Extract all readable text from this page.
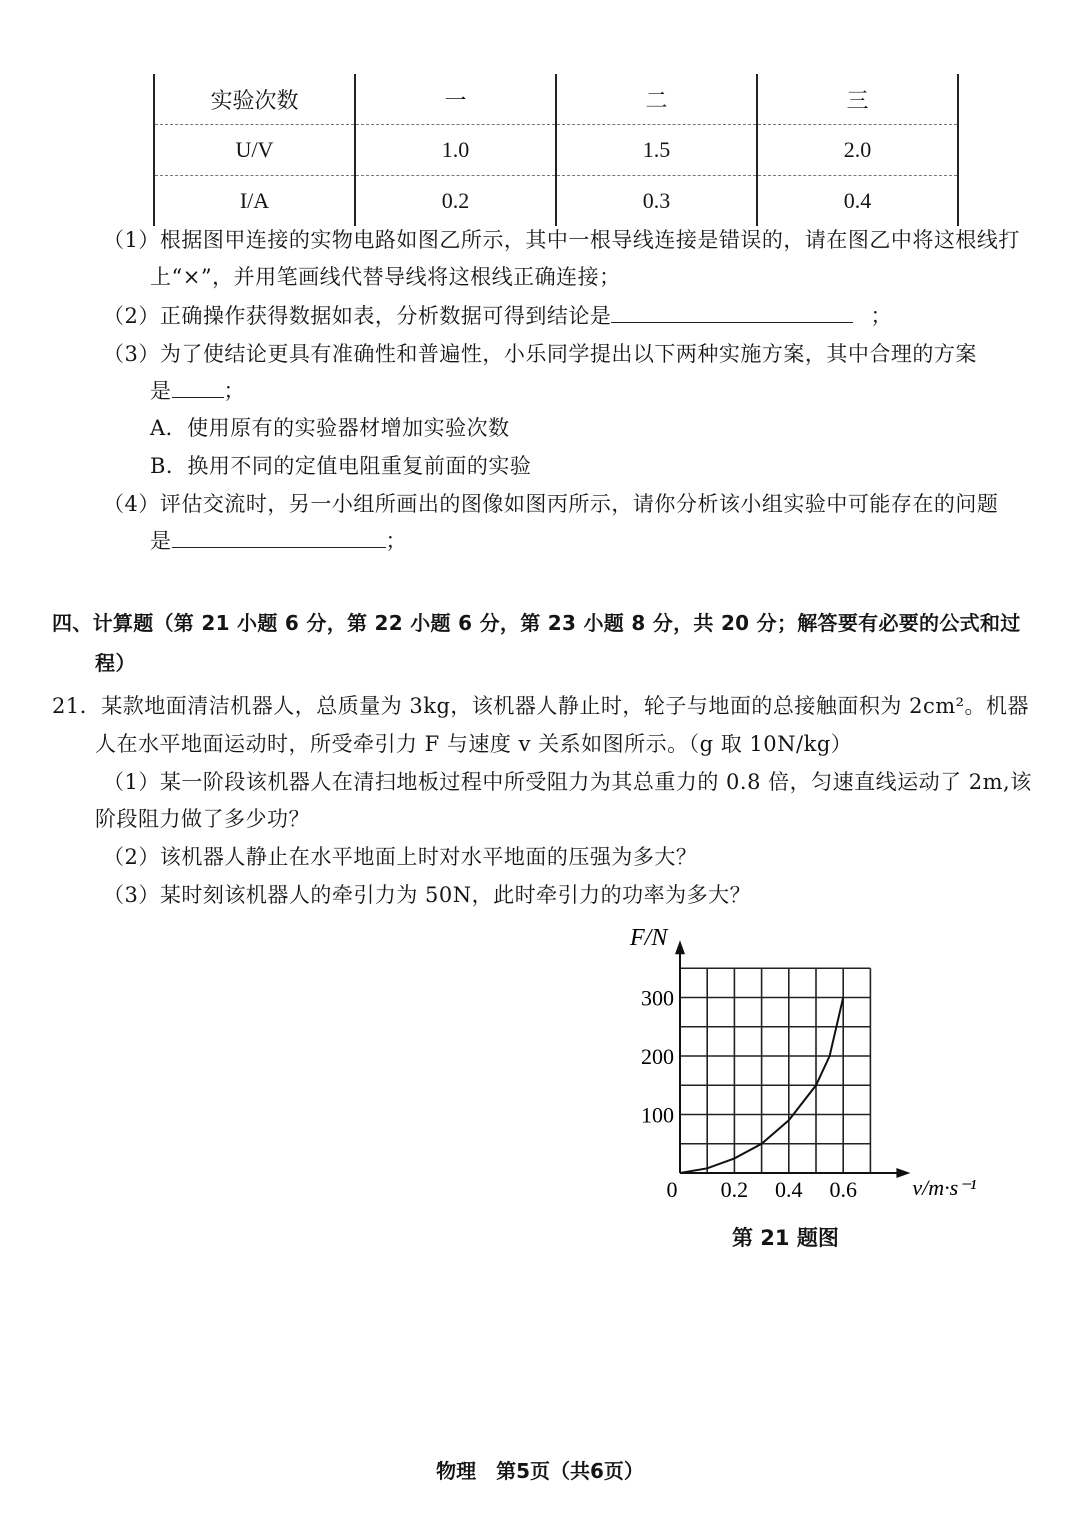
实验次数	一	二	三
U/V	1.0	1.5	2.0
I/A	0.2	0.3	0.4
（1）根据图甲连接的实物电路如图乙所示，其中一根导线连接是错误的，请在图乙中将这根线打
上“×”，并用笔画线代替导线将这根线正确连接；
（2）正确操作获得数据如表，分析数据可得到结论是	；
（3）为了使结论更具有准确性和普遍性，小乐同学提出以下两种实施方案，其中合理的方案
是 ；
A．使用原有的实验器材增加实验次数
B．换用不同的定值电阻重复前面的实验
（4）评估交流时，另一小组所画出的图像如图丙所示，请你分析该小组实验中可能存在的问题
是	；
四、计算题（第 21 小题 6 分，第 22 小题 6 分，第 23 小题 8 分，共 20 分；解答要有必要的公式和过
程）
21．某款地面清洁机器人，总质量为 3kg，该机器人静止时，轮子与地面的总接触面积为 2cm²。机器
人在水平地面运动时，所受牵引力 F 与速度 v 关系如图所示。（g 取 10N/kg）
（1）某一阶段该机器人在清扫地板过程中所受阻力为其总重力的 0.8 倍，匀速直线运动了 2m,该
阶段阻力做了多少功？
（2）该机器人静止在水平地面上时对水平地面的压强为多大？
（3）某时刻该机器人的牵引力为 50N，此时牵引力的功率为多大？
F/N
v/m·s⁻¹
0 0.2 0.4 0.6
100
200
300
第 21 题图
物理　第5页（共6页）
